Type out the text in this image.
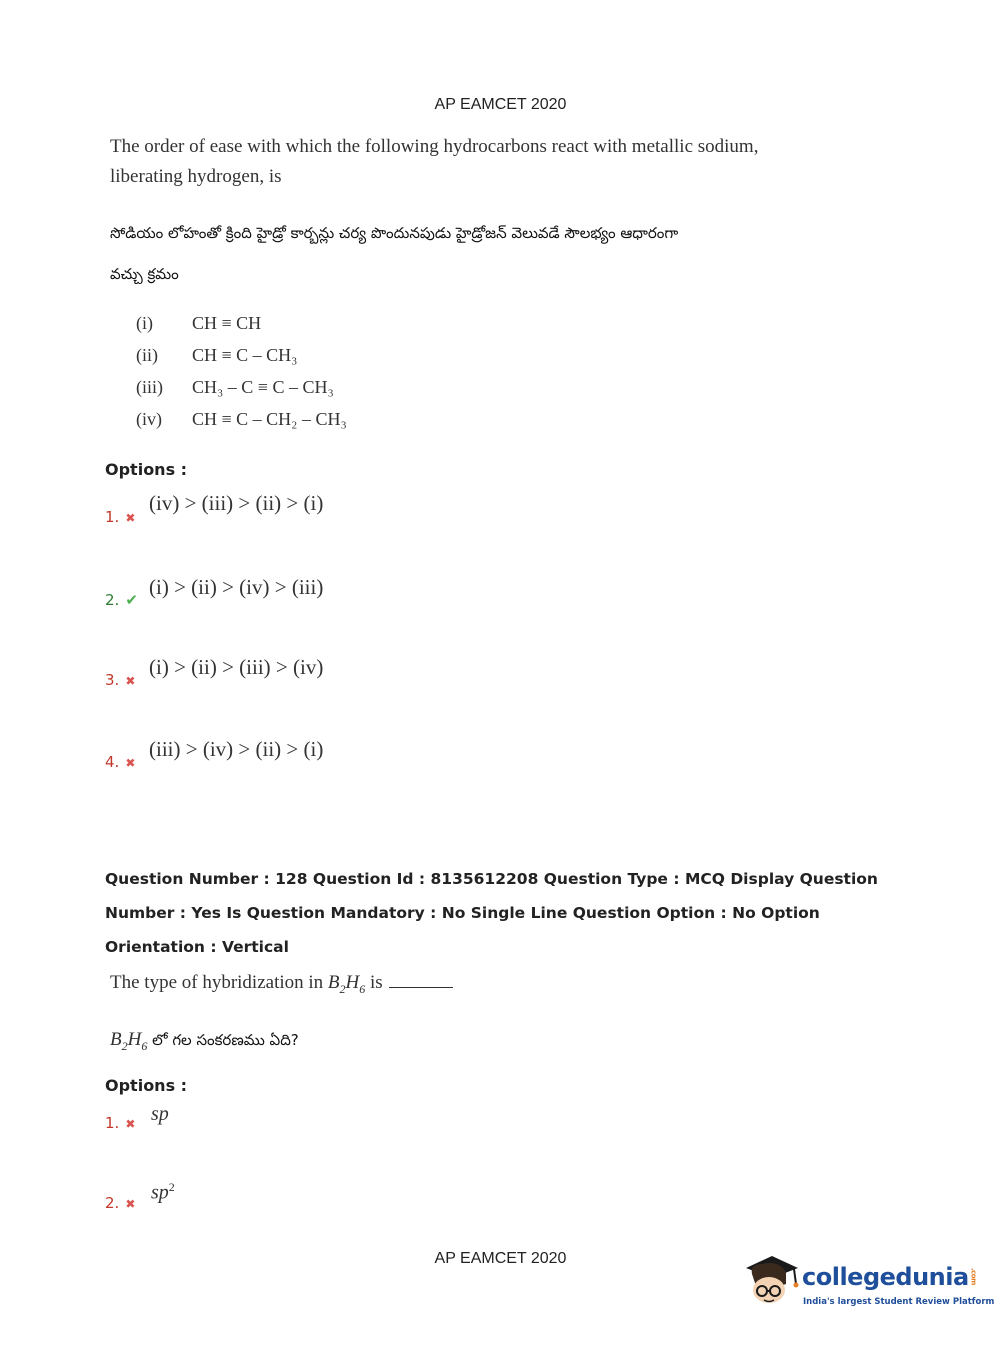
AP EAMCET 2020
The order of ease with which the following hydrocarbons react with metallic sodium,
liberating hydrogen, is
సోడియం లోహంతో క్రింది హైడ్రో కార్బన్లు చర్య పొందునపుడు హైడ్రోజన్ వెలువడే సౌలభ్యం ఆధారంగా
వచ్చు క్రమం
(i)	CH ≡ CH
(ii)	CH ≡ C – CH₃
(iii)	CH₃ – C ≡ C – CH₃
(iv)	CH ≡ C – CH₂ – CH₃
Options :
1. ✖
(iv) > (iii) > (ii) > (i)
2. ✔
(i) > (ii) > (iv) > (iii)
3. ✖
(i) > (ii) > (iii) > (iv)
4. ✖
(iii) > (iv) > (ii) > (i)
Question Number : 128 Question Id : 8135612208 Question Type : MCQ Display Question
Number : Yes Is Question Mandatory : No Single Line Question Option : No Option
Orientation : Vertical
The type of hybridization in $B_2H_6$ is
$B_2H_6$ లో గల సంకరణము ఏది?
Options :
1. ✖ sp
2. ✖
$sp^2$
AP EAMCET 2020
collegedunia.com
India's largest Student Review Platform
